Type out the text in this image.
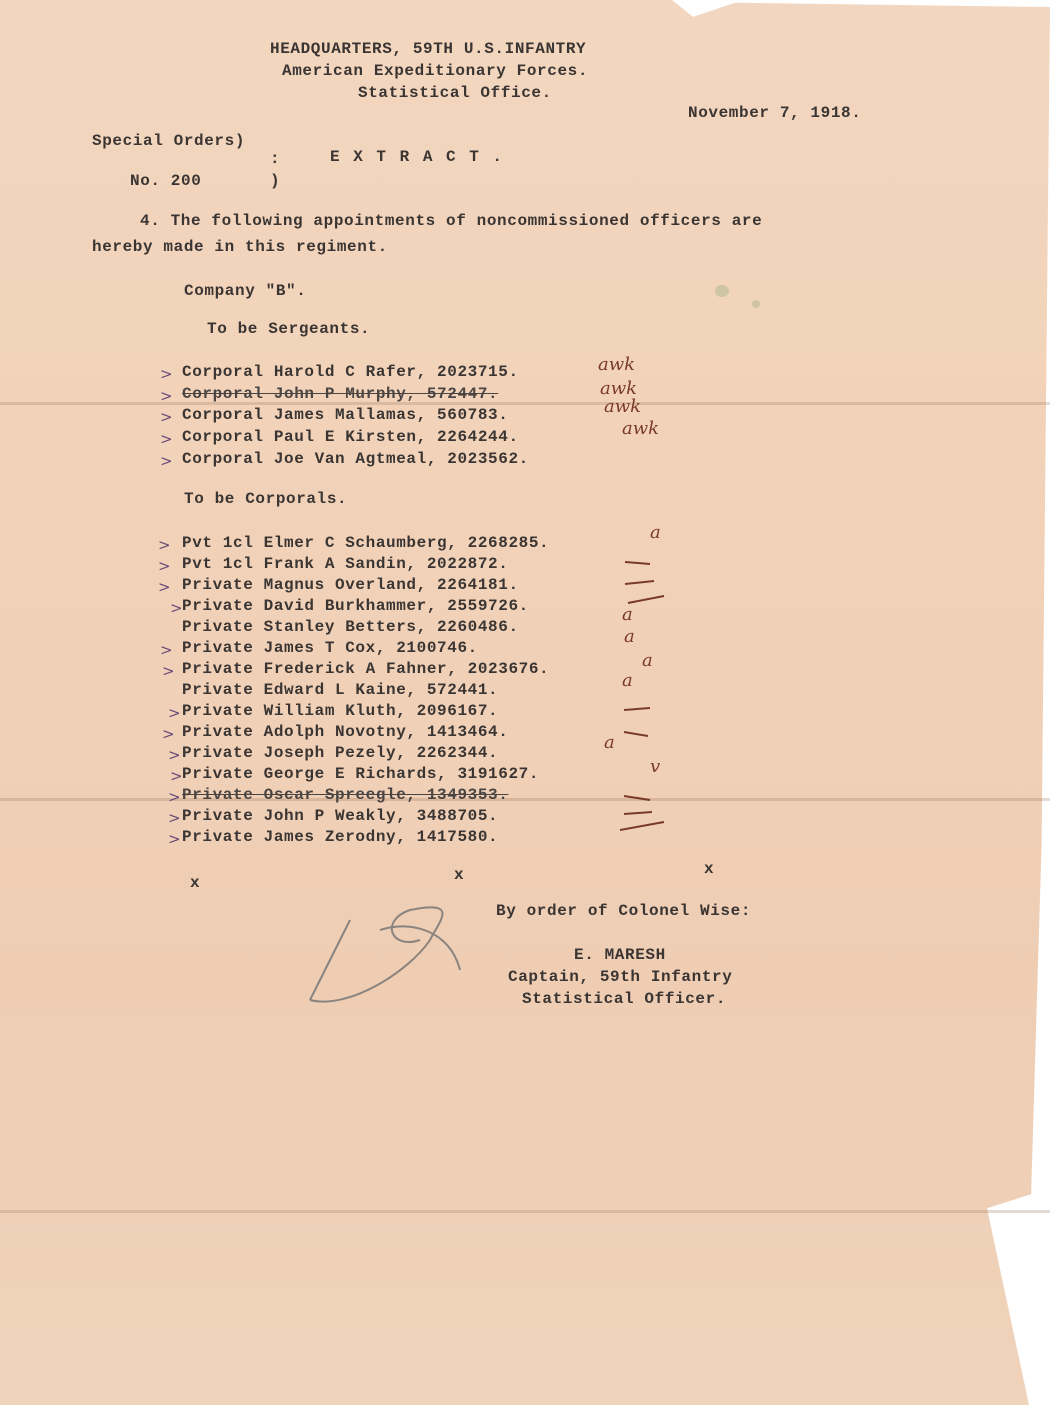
HEADQUARTERS, 59TH U.S.INFANTRY
American Expeditionary Forces.
Statistical Office.
November 7, 1918.
Special Orders)
:	E X T R A C T .
No. 200	)
4. The following appointments of noncommissioned officers are
hereby made in this regiment.
Company "B".
To be Sergeants.
> Corporal Harold C Rafer, 2023715.	awk
> Corporal John P Murphy, 572447.	awk
> Corporal James Mallamas, 560783.	awk
> Corporal Paul E Kirsten, 2264244.	awk
> Corporal Joe Van Agtmeal, 2023562.
To be Corporals.
> Pvt 1cl Elmer C Schaumberg, 2268285.	a
> Pvt 1cl Frank A Sandin, 2022872.
> Private Magnus Overland, 2264181.
> Private David Burkhammer, 2559726.
Private Stanley Betters, 2260486.
a
> Private James T Cox, 2100746.
a
> Private Frederick A Fahner, 2023676.	a
Private Edward L Kaine, 572441.	a
> Private William Kluth, 2096167.
> Private Adolph Novotny, 1413464.
> Private Joseph Pezely, 2262344.	a
> Private George E Richards, 3191627.	v
> Private Oscar Spreegle, 1349353.
> Private John P Weakly, 3488705.
> Private James Zerodny, 1417580.
x	x	x
By order of Colonel Wise:
E. MARESH
Captain, 59th Infantry
Statistical Officer.
